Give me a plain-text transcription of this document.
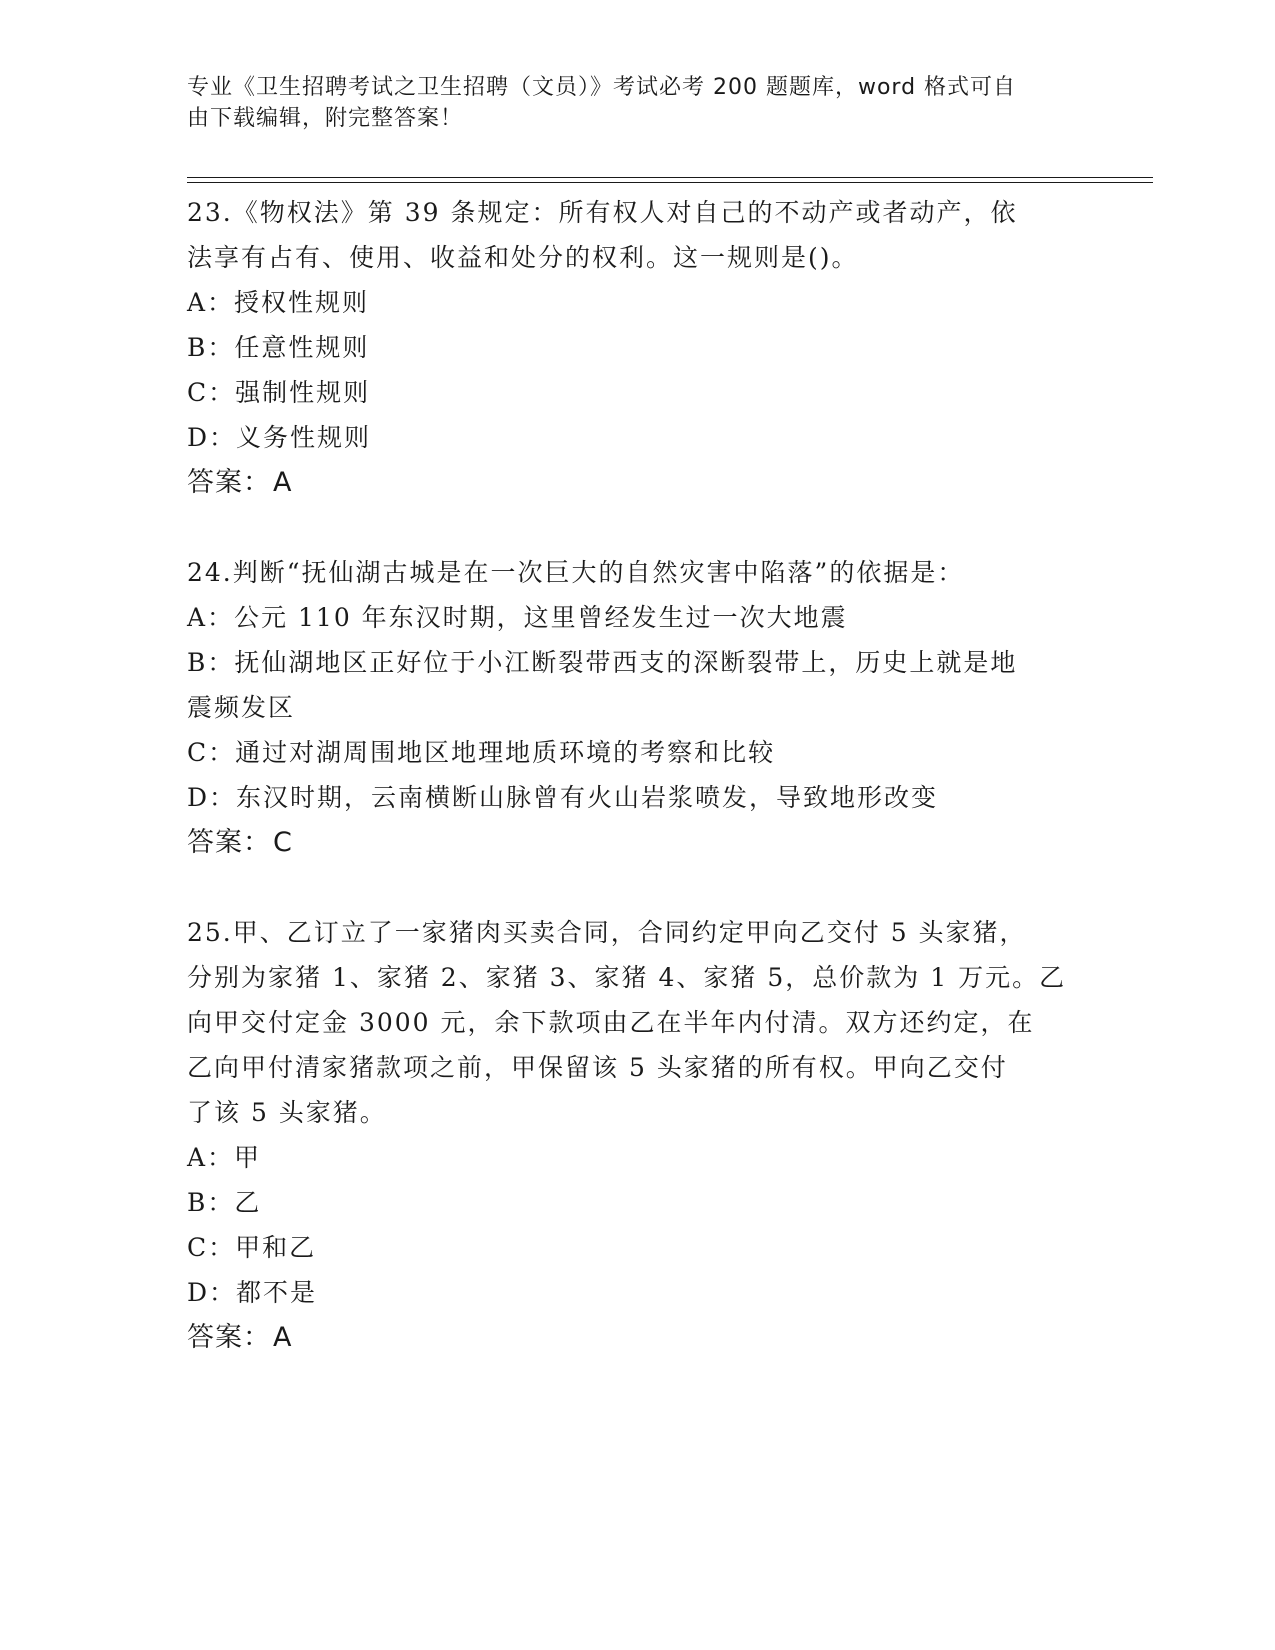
专业《卫生招聘考试之卫生招聘（文员）》考试必考 200 题题库，word 格式可自
由下载编辑，附完整答案！
23.《物权法》第 39 条规定：所有权人对自己的不动产或者动产，依
法享有占有、使用、收益和处分的权利。这一规则是()。
A：授权性规则
B：任意性规则
C：强制性规则
D：义务性规则
答案：A
24.判断“抚仙湖古城是在一次巨大的自然灾害中陷落”的依据是：
A：公元 110 年东汉时期，这里曾经发生过一次大地震
B：抚仙湖地区正好位于小江断裂带西支的深断裂带上，历史上就是地
震频发区
C：通过对湖周围地区地理地质环境的考察和比较
D：东汉时期，云南横断山脉曾有火山岩浆喷发，导致地形改变
答案：C
25.甲、乙订立了一家猪肉买卖合同，合同约定甲向乙交付 5 头家猪，
分别为家猪 1、家猪 2、家猪 3、家猪 4、家猪 5，总价款为 1 万元。乙
向甲交付定金 3000 元，余下款项由乙在半年内付清。双方还约定，在
乙向甲付清家猪款项之前，甲保留该 5 头家猪的所有权。甲向乙交付
了该 5 头家猪。
A：甲
B：乙
C：甲和乙
D：都不是
答案：A
